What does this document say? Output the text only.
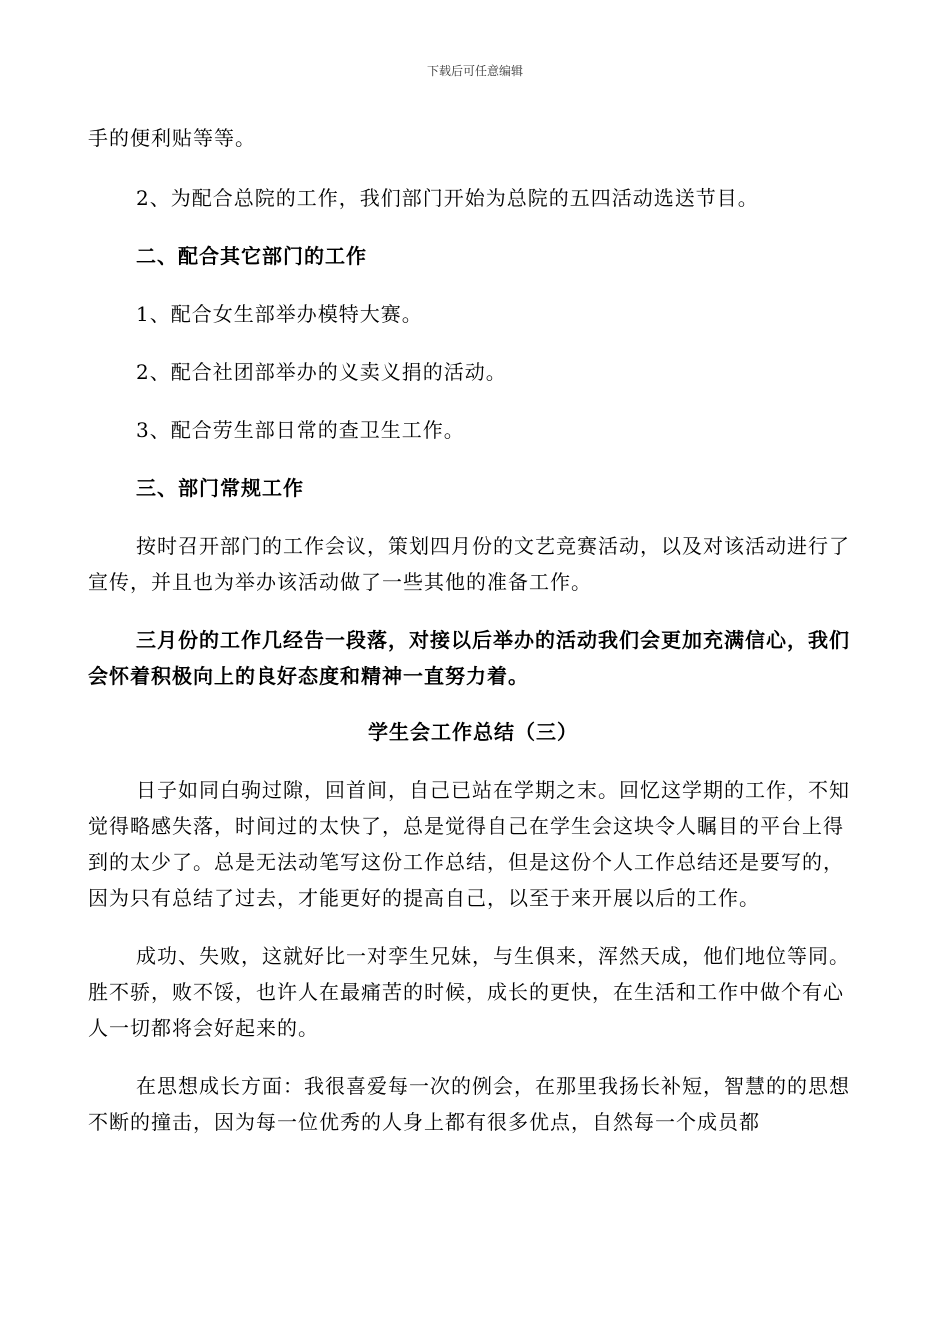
下载后可任意编辑

手的便利贴等等。

2、为配合总院的工作，我们部门开始为总院的五四活动选送节目。

二、配合其它部门的工作

1、配合女生部举办模特大赛。

2、配合社团部举办的义卖义捐的活动。

3、配合劳生部日常的查卫生工作。

三、部门常规工作

按时召开部门的工作会议，策划四月份的文艺竞赛活动，以及对该活动进行了宣传，并且也为举办该活动做了一些其他的准备工作。

三月份的工作几经告一段落，对接以后举办的活动我们会更加充满信心，我们会怀着积极向上的良好态度和精神一直努力着。

学生会工作总结（三）

日子如同白驹过隙，回首间，自己已站在学期之末。回忆这学期的工作，不知觉得略感失落，时间过的太快了，总是觉得自己在学生会这块令人瞩目的平台上得到的太少了。总是无法动笔写这份工作总结，但是这份个人工作总结还是要写的，因为只有总结了过去，才能更好的提高自己，以至于来开展以后的工作。

成功、失败，这就好比一对孪生兄妹，与生俱来，浑然天成，他们地位等同。胜不骄，败不馁，也许人在最痛苦的时候，成长的更快，在生活和工作中做个有心人一切都将会好起来的。

在思想成长方面：我很喜爱每一次的例会，在那里我扬长补短，智慧的的思想不断的撞击，因为每一位优秀的人身上都有很多优点，自然每一个成员都
